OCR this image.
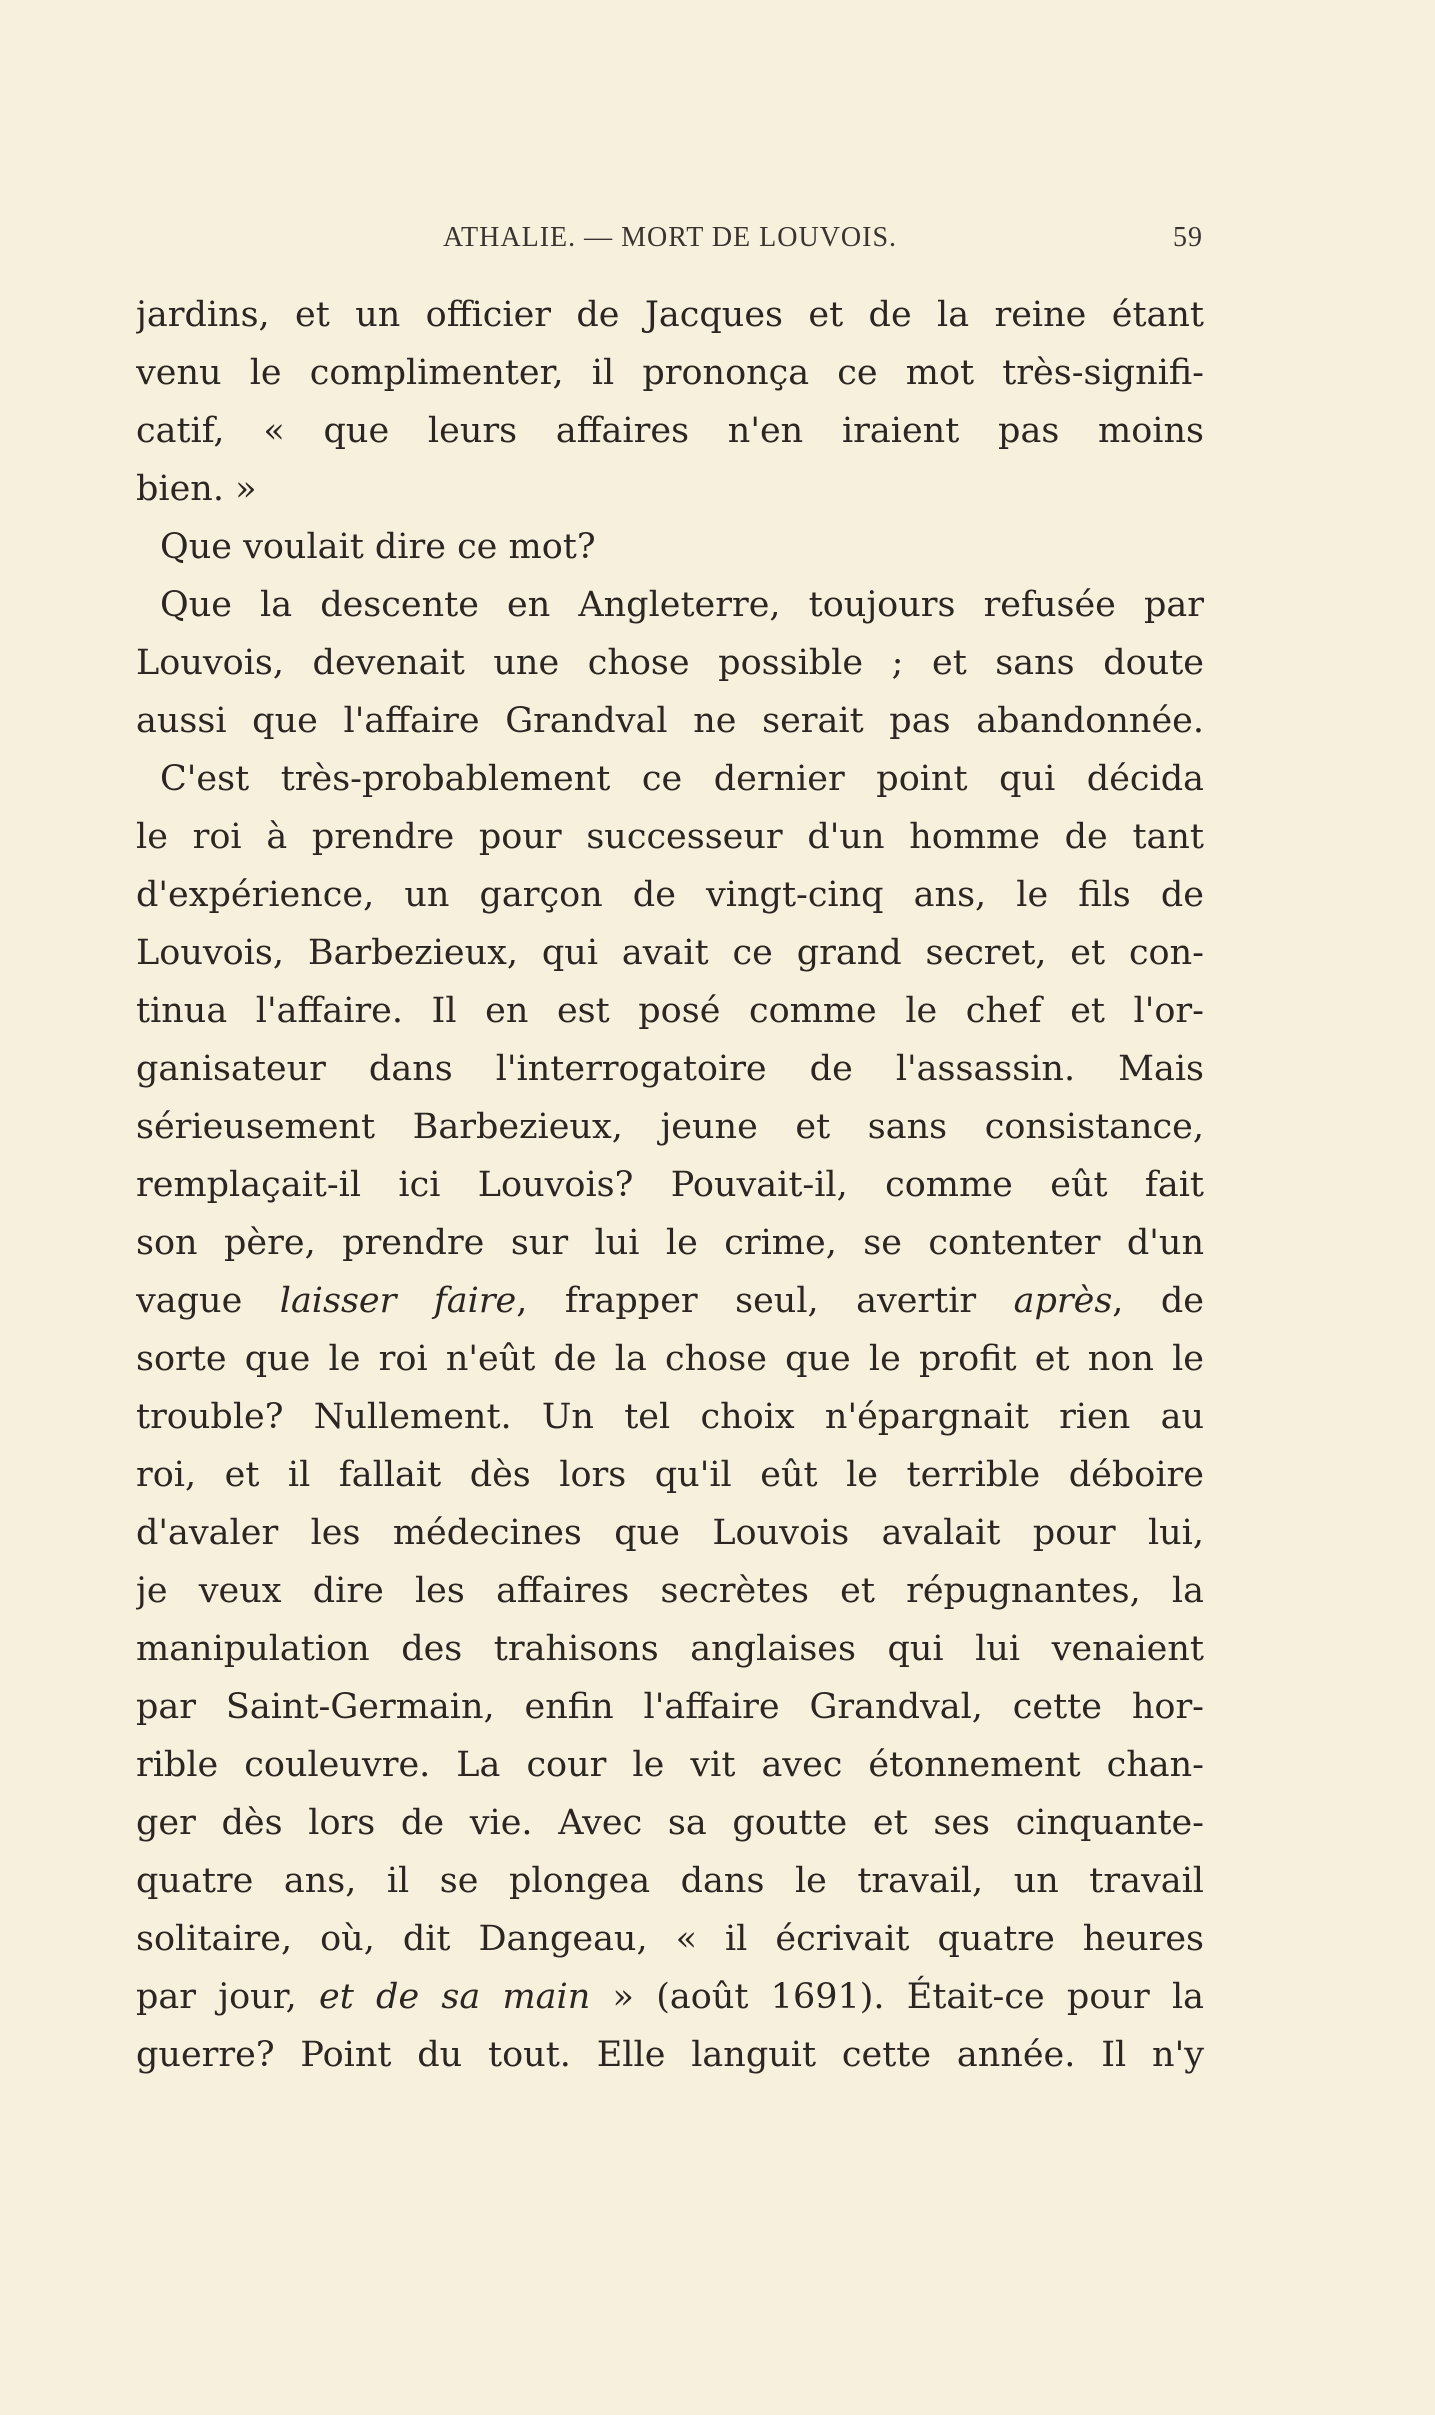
ATHALIE. — MORT DE LOUVOIS.	59
jardins, et un officier de Jacques et de la reine étant
venu le complimenter, il prononça ce mot très-signifi-
catif, « que leurs affaires n'en iraient pas moins
bien. »
Que voulait dire ce mot?
Que la descente en Angleterre, toujours refusée par
Louvois, devenait une chose possible ; et sans doute
aussi que l'affaire Grandval ne serait pas abandonnée.
C'est très-probablement ce dernier point qui décida
le roi à prendre pour successeur d'un homme de tant
d'expérience, un garçon de vingt-cinq ans, le fils de
Louvois, Barbezieux, qui avait ce grand secret, et con-
tinua l'affaire. Il en est posé comme le chef et l'or-
ganisateur dans l'interrogatoire de l'assassin. Mais
sérieusement Barbezieux, jeune et sans consistance,
remplaçait-il ici Louvois? Pouvait-il, comme eût fait
son père, prendre sur lui le crime, se contenter d'un
vague laisser faire, frapper seul, avertir après, de
sorte que le roi n'eût de la chose que le profit et non le
trouble? Nullement. Un tel choix n'épargnait rien au
roi, et il fallait dès lors qu'il eût le terrible déboire
d'avaler les médecines que Louvois avalait pour lui,
je veux dire les affaires secrètes et répugnantes, la
manipulation des trahisons anglaises qui lui venaient
par Saint-Germain, enfin l'affaire Grandval, cette hor-
rible couleuvre. La cour le vit avec étonnement chan-
ger dès lors de vie. Avec sa goutte et ses cinquante-
quatre ans, il se plongea dans le travail, un travail
solitaire, où, dit Dangeau, « il écrivait quatre heures
par jour, et de sa main » (août 1691). Était-ce pour la
guerre? Point du tout. Elle languit cette année. Il n'y
